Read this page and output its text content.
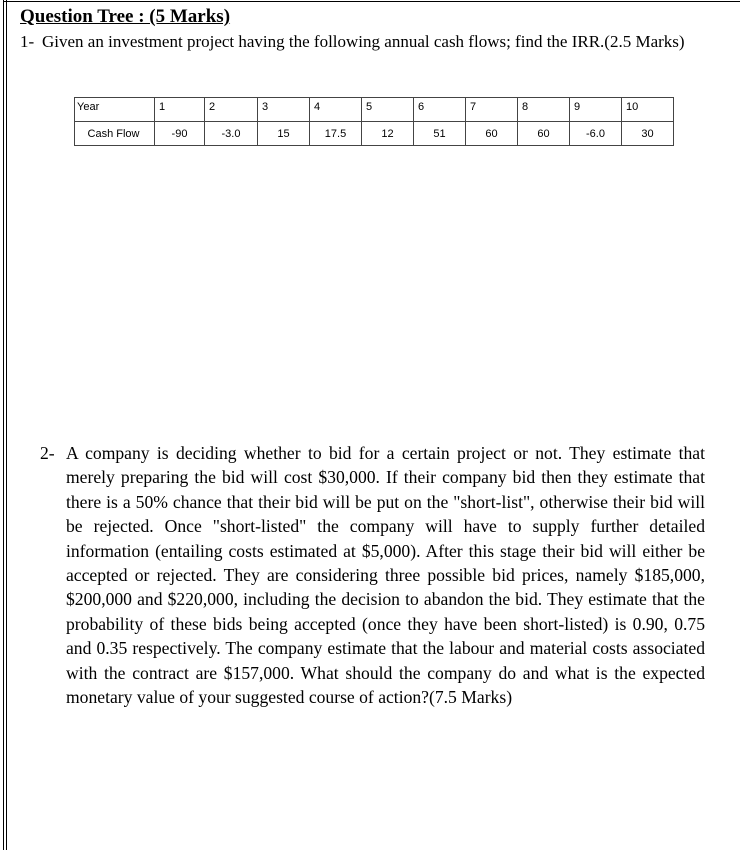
Question Tree : (5 Marks)
1- Given an investment project having the following annual cash flows; find the IRR.(2.5 Marks)
Year	1	2	3	4	5	6	7	8	9	10
Cash Flow	-90	-3.0	15	17.5	12	51	60	60	-6.0	30
2- A company is deciding whether to bid for a certain project or not. They estimate that merely preparing the bid will cost $30,000. If their company bid then they estimate that there is a 50% chance that their bid will be put on the "short-list", otherwise their bid will be rejected. Once "short-listed" the company will have to supply further detailed information (entailing costs estimated at $5,000). After this stage their bid will either be accepted or rejected. They are considering three possible bid prices, namely $185,000, $200,000 and $220,000, including the decision to abandon the bid. They estimate that the probability of these bids being accepted (once they have been short-listed) is 0.90, 0.75 and 0.35 respectively. The company estimate that the labour and material costs associated with the contract are $157,000. What should the company do and what is the expected monetary value of your suggested course of action?(7.5 Marks)
